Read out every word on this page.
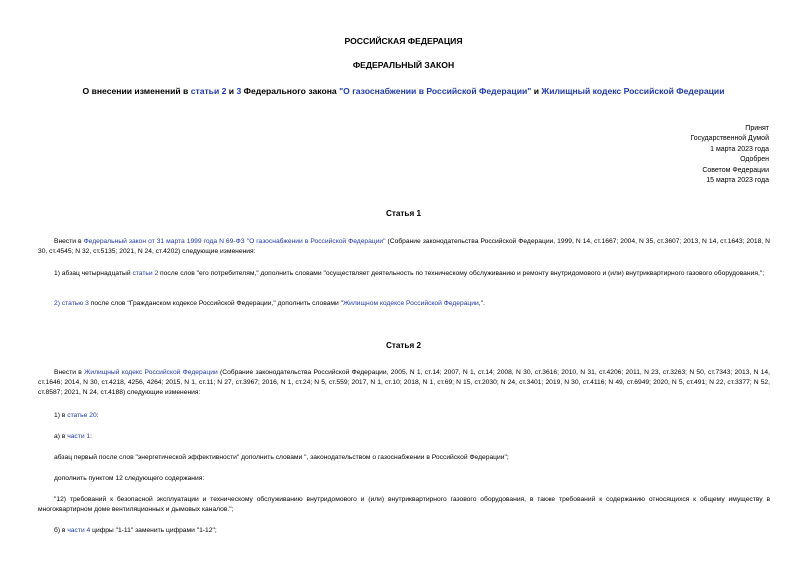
РОССИЙСКАЯ ФЕДЕРАЦИЯ
ФЕДЕРАЛЬНЫЙ ЗАКОН
О внесении изменений в статьи 2 и 3 Федерального закона "О газоснабжении в Российской Федерации" и Жилищный кодекс Российской Федерации
Принят
Государственной Думой
1 марта 2023 года
Одобрен
Советом Федерации
15 марта 2023 года
Статья 1
Внести в Федеральный закон от 31 марта 1999 года N 69-ФЗ "О газоснабжении в Российской Федерации" (Собрание законодательства Российской Федерации, 1999, N 14, ст.1667; 2004, N 35, ст.3607; 2013, N 14, ст.1643; 2018, N 30, ст.4545; N 32, ст.5135; 2021, N 24, ст.4202) следующие изменения:
1) абзац четырнадцатый статьи 2 после слов "его потребителям," дополнить словами "осуществляет деятельность по техническому обслуживанию и ремонту внутридомового и (или) внутриквартирного газового оборудования,";
2) статью 3 после слов "Гражданском кодексе Российской Федерации," дополнить словами "Жилищном кодексе Российской Федерации,".
Статья 2
Внести в Жилищный кодекс Российской Федерации (Собрание законодательства Российской Федерации, 2005, N 1, ст.14; 2007, N 1, ст.14; 2008, N 30, ст.3616; 2010, N 31, ст.4206; 2011, N 23, ст.3263; N 50, ст.7343; 2013, N 14, ст.1646; 2014, N 30, ст.4218, 4256, 4264; 2015, N 1, ст.11; N 27, ст.3967; 2016, N 1, ст.24; N 5, ст.559; 2017, N 1, ст.10; 2018, N 1, ст.69; N 15, ст.2030; N 24, ст.3401; 2019, N 30, ст.4116; N 49, ст.6949; 2020, N 5, ст.491; N 22, ст.3377; N 52, ст.8587; 2021, N 24, ст.4188) следующие изменения:
1) в статье 20:
а) в части 1:
абзац первый после слов "энергетической эффективности" дополнить словами ", законодательством о газоснабжении в Российской Федерации";
дополнить пунктом 12 следующего содержания:
"12) требований к безопасной эксплуатации и техническому обслуживанию внутридомового и (или) внутриквартирного газового оборудования, в также требований к содержанию относящихся к общему имуществу в многоквартирном доме вентиляционных и дымовых каналов.";
б) в части 4 цифры "1-11" заменить цифрами "1-12";
